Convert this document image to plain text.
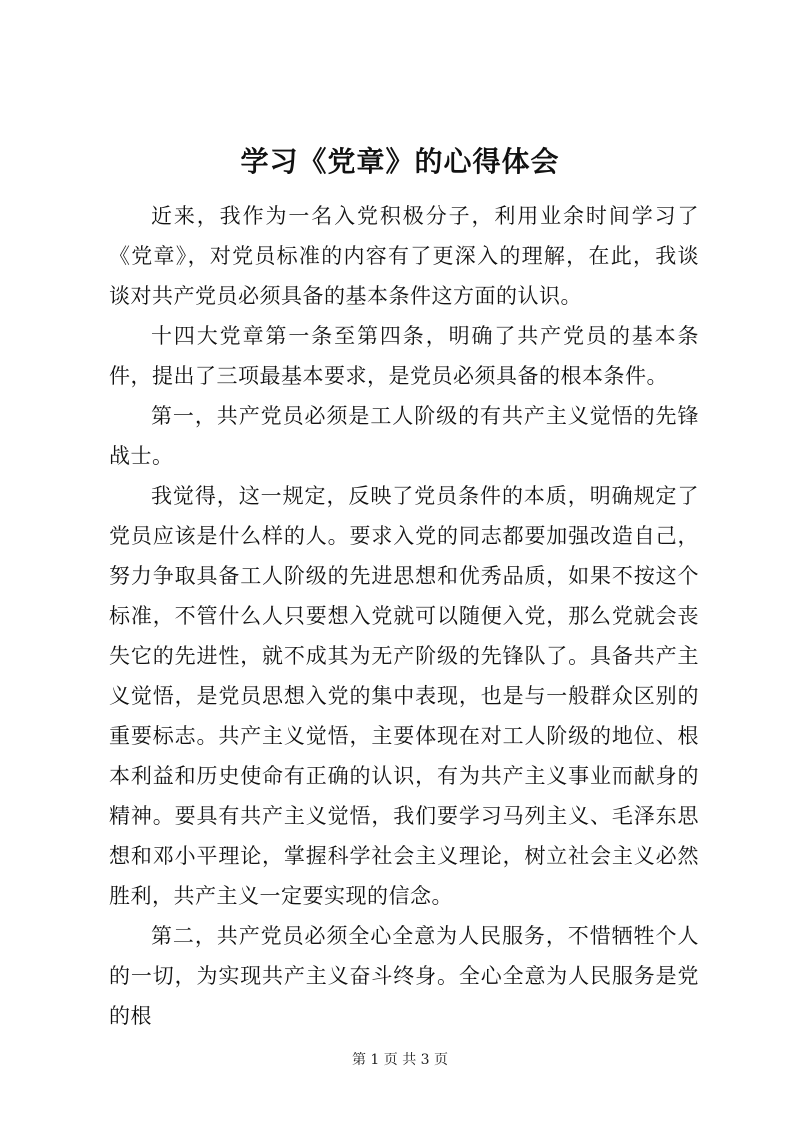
学习《党章》的心得体会

近来，我作为一名入党积极分子，利用业余时间学习了《党章》，对党员标准的内容有了更深入的理解，在此，我谈谈对共产党员必须具备的基本条件这方面的认识。

十四大党章第一条至第四条，明确了共产党员的基本条件，提出了三项最基本要求，是党员必须具备的根本条件。

第一，共产党员必须是工人阶级的有共产主义觉悟的先锋战士。

我觉得，这一规定，反映了党员条件的本质，明确规定了党员应该是什么样的人。要求入党的同志都要加强改造自己，努力争取具备工人阶级的先进思想和优秀品质，如果不按这个标准，不管什么人只要想入党就可以随便入党，那么党就会丧失它的先进性，就不成其为无产阶级的先锋队了。具备共产主义觉悟，是党员思想入党的集中表现，也是与一般群众区别的重要标志。共产主义觉悟，主要体现在对工人阶级的地位、根本利益和历史使命有正确的认识，有为共产主义事业而献身的精神。要具有共产主义觉悟，我们要学习马列主义、毛泽东思想和邓小平理论，掌握科学社会主义理论，树立社会主义必然胜利，共产主义一定要实现的信念。

第二，共产党员必须全心全意为人民服务，不惜牺牲个人的一切，为实现共产主义奋斗终身。全心全意为人民服务是党的根

第 1 页 共 3 页
